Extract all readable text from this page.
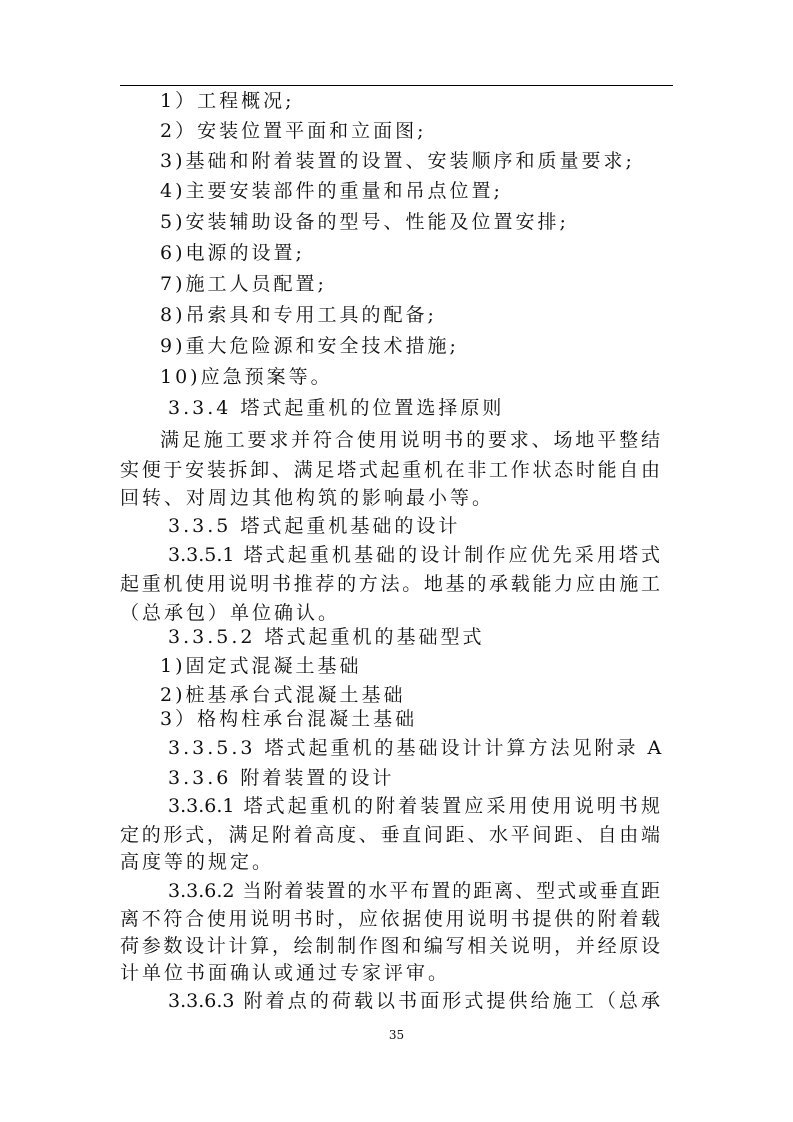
1）工程概况;
2）安装位置平面和立面图;
3)基础和附着装置的设置、安装顺序和质量要求;
4)主要安装部件的重量和吊点位置;
5)安装辅助设备的型号、性能及位置安排;
6)电源的设置;
7)施工人员配置;
8)吊索具和专用工具的配备;
9)重大危险源和安全技术措施;
10)应急预案等。
3.3.4 塔式起重机的位置选择原则
满足施工要求并符合使用说明书的要求、场地平整结
实便于安装拆卸、满足塔式起重机在非工作状态时能自由
回转、对周边其他构筑的影响最小等。
3.3.5 塔式起重机基础的设计
3.3.5.1 塔式起重机基础的设计制作应优先采用塔式
起重机使用说明书推荐的方法。地基的承载能力应由施工
（总承包）单位确认。
3.3.5.2 塔式起重机的基础型式
1)固定式混凝土基础
2)桩基承台式混凝土基础
3）格构柱承台混凝土基础
3.3.5.3 塔式起重机的基础设计计算方法见附录 A
3.3.6 附着装置的设计
3.3.6.1 塔式起重机的附着装置应采用使用说明书规
定的形式，满足附着高度、垂直间距、水平间距、自由端
高度等的规定。
3.3.6.2 当附着装置的水平布置的距离、型式或垂直距
离不符合使用说明书时，应依据使用说明书提供的附着载
荷参数设计计算，绘制制作图和编写相关说明，并经原设
计单位书面确认或通过专家评审。
3.3.6.3 附着点的荷载以书面形式提供给施工（总承
35
